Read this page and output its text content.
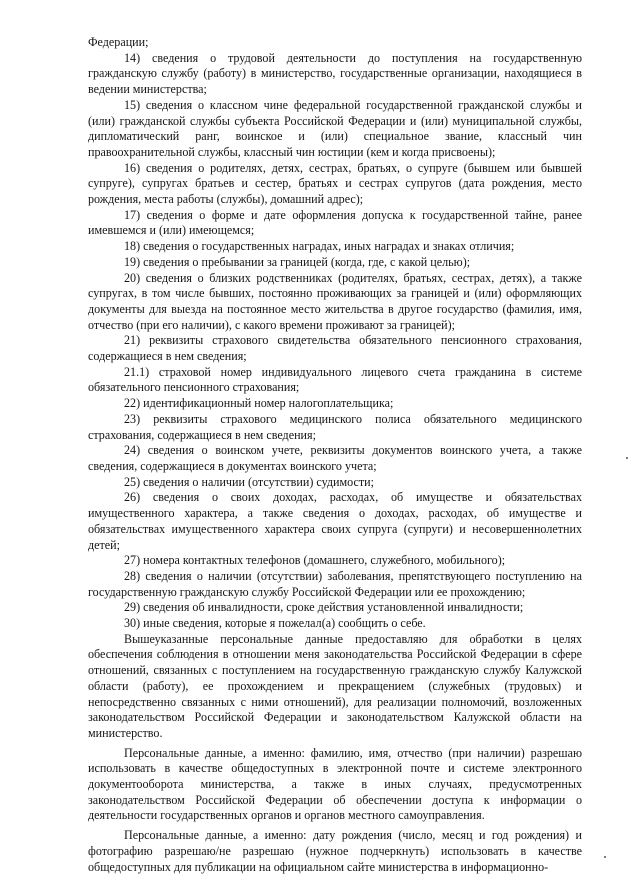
Федерации;

14) сведения о трудовой деятельности до поступления на государственную гражданскую службу (работу) в министерство, государственные организации, находящиеся в ведении министерства;

15) сведения о классном чине федеральной государственной гражданской службы и (или) гражданской службы субъекта Российской Федерации и (или) муниципальной службы, дипломатический ранг, воинское и (или) специальное звание, классный чин правоохранительной службы, классный чин юстиции (кем и когда присвоены);

16) сведения о родителях, детях, сестрах, братьях, о супруге (бывшем или бывшей супруге), супругах братьев и сестер, братьях и сестрах супругов (дата рождения, место рождения, места работы (службы), домашний адрес);

17) сведения о форме и дате оформления допуска к государственной тайне, ранее имевшемся и (или) имеющемся;

18) сведения о государственных наградах, иных наградах и знаках отличия;

19) сведения о пребывании за границей (когда, где, с какой целью);

20) сведения о близких родственниках (родителях, братьях, сестрах, детях), а также супругах, в том числе бывших, постоянно проживающих за границей и (или) оформляющих документы для выезда на постоянное место жительства в другое государство (фамилия, имя, отчество (при его наличии), с какого времени проживают за границей);

21) реквизиты страхового свидетельства обязательного пенсионного страхования, содержащиеся в нем сведения;

21.1) страховой номер индивидуального лицевого счета гражданина в системе обязательного пенсионного страхования;

22) идентификационный номер налогоплательщика;

23) реквизиты страхового медицинского полиса обязательного медицинского страхования, содержащиеся в нем сведения;

24) сведения о воинском учете, реквизиты документов воинского учета, а также сведения, содержащиеся в документах воинского учета;

25) сведения о наличии (отсутствии) судимости;

26) сведения о своих доходах, расходах, об имуществе и обязательствах имущественного характера, а также сведения о доходах, расходах, об имуществе и обязательствах имущественного характера своих супруга (супруги) и несовершеннолетних детей;

27) номера контактных телефонов (домашнего, служебного, мобильного);

28) сведения о наличии (отсутствии) заболевания, препятствующего поступлению на государственную гражданскую службу Российской Федерации или ее прохождению;

29) сведения об инвалидности, сроке действия установленной инвалидности;

30) иные сведения, которые я пожелал(а) сообщить о себе.

Вышеуказанные персональные данные предоставляю для обработки в целях обеспечения соблюдения в отношении меня законодательства Российской Федерации в сфере отношений, связанных с поступлением на государственную гражданскую службу Калужской области (работу), ее прохождением и прекращением (служебных (трудовых) и непосредственно связанных с ними отношений), для реализации полномочий, возложенных законодательством Российской Федерации и законодательством Калужской области на министерство.

Персональные данные, а именно: фамилию, имя, отчество (при наличии) разрешаю использовать в качестве общедоступных в электронной почте и системе электронного документооборота министерства, а также в иных случаях, предусмотренных законодательством Российской Федерации об обеспечении доступа к информации о деятельности государственных органов и органов местного самоуправления.

Персональные данные, а именно: дату рождения (число, месяц и год рождения) и фотографию разрешаю/не разрешаю (нужное подчеркнуть) использовать в качестве общедоступных для публикации на официальном сайте министерства в информационно-
